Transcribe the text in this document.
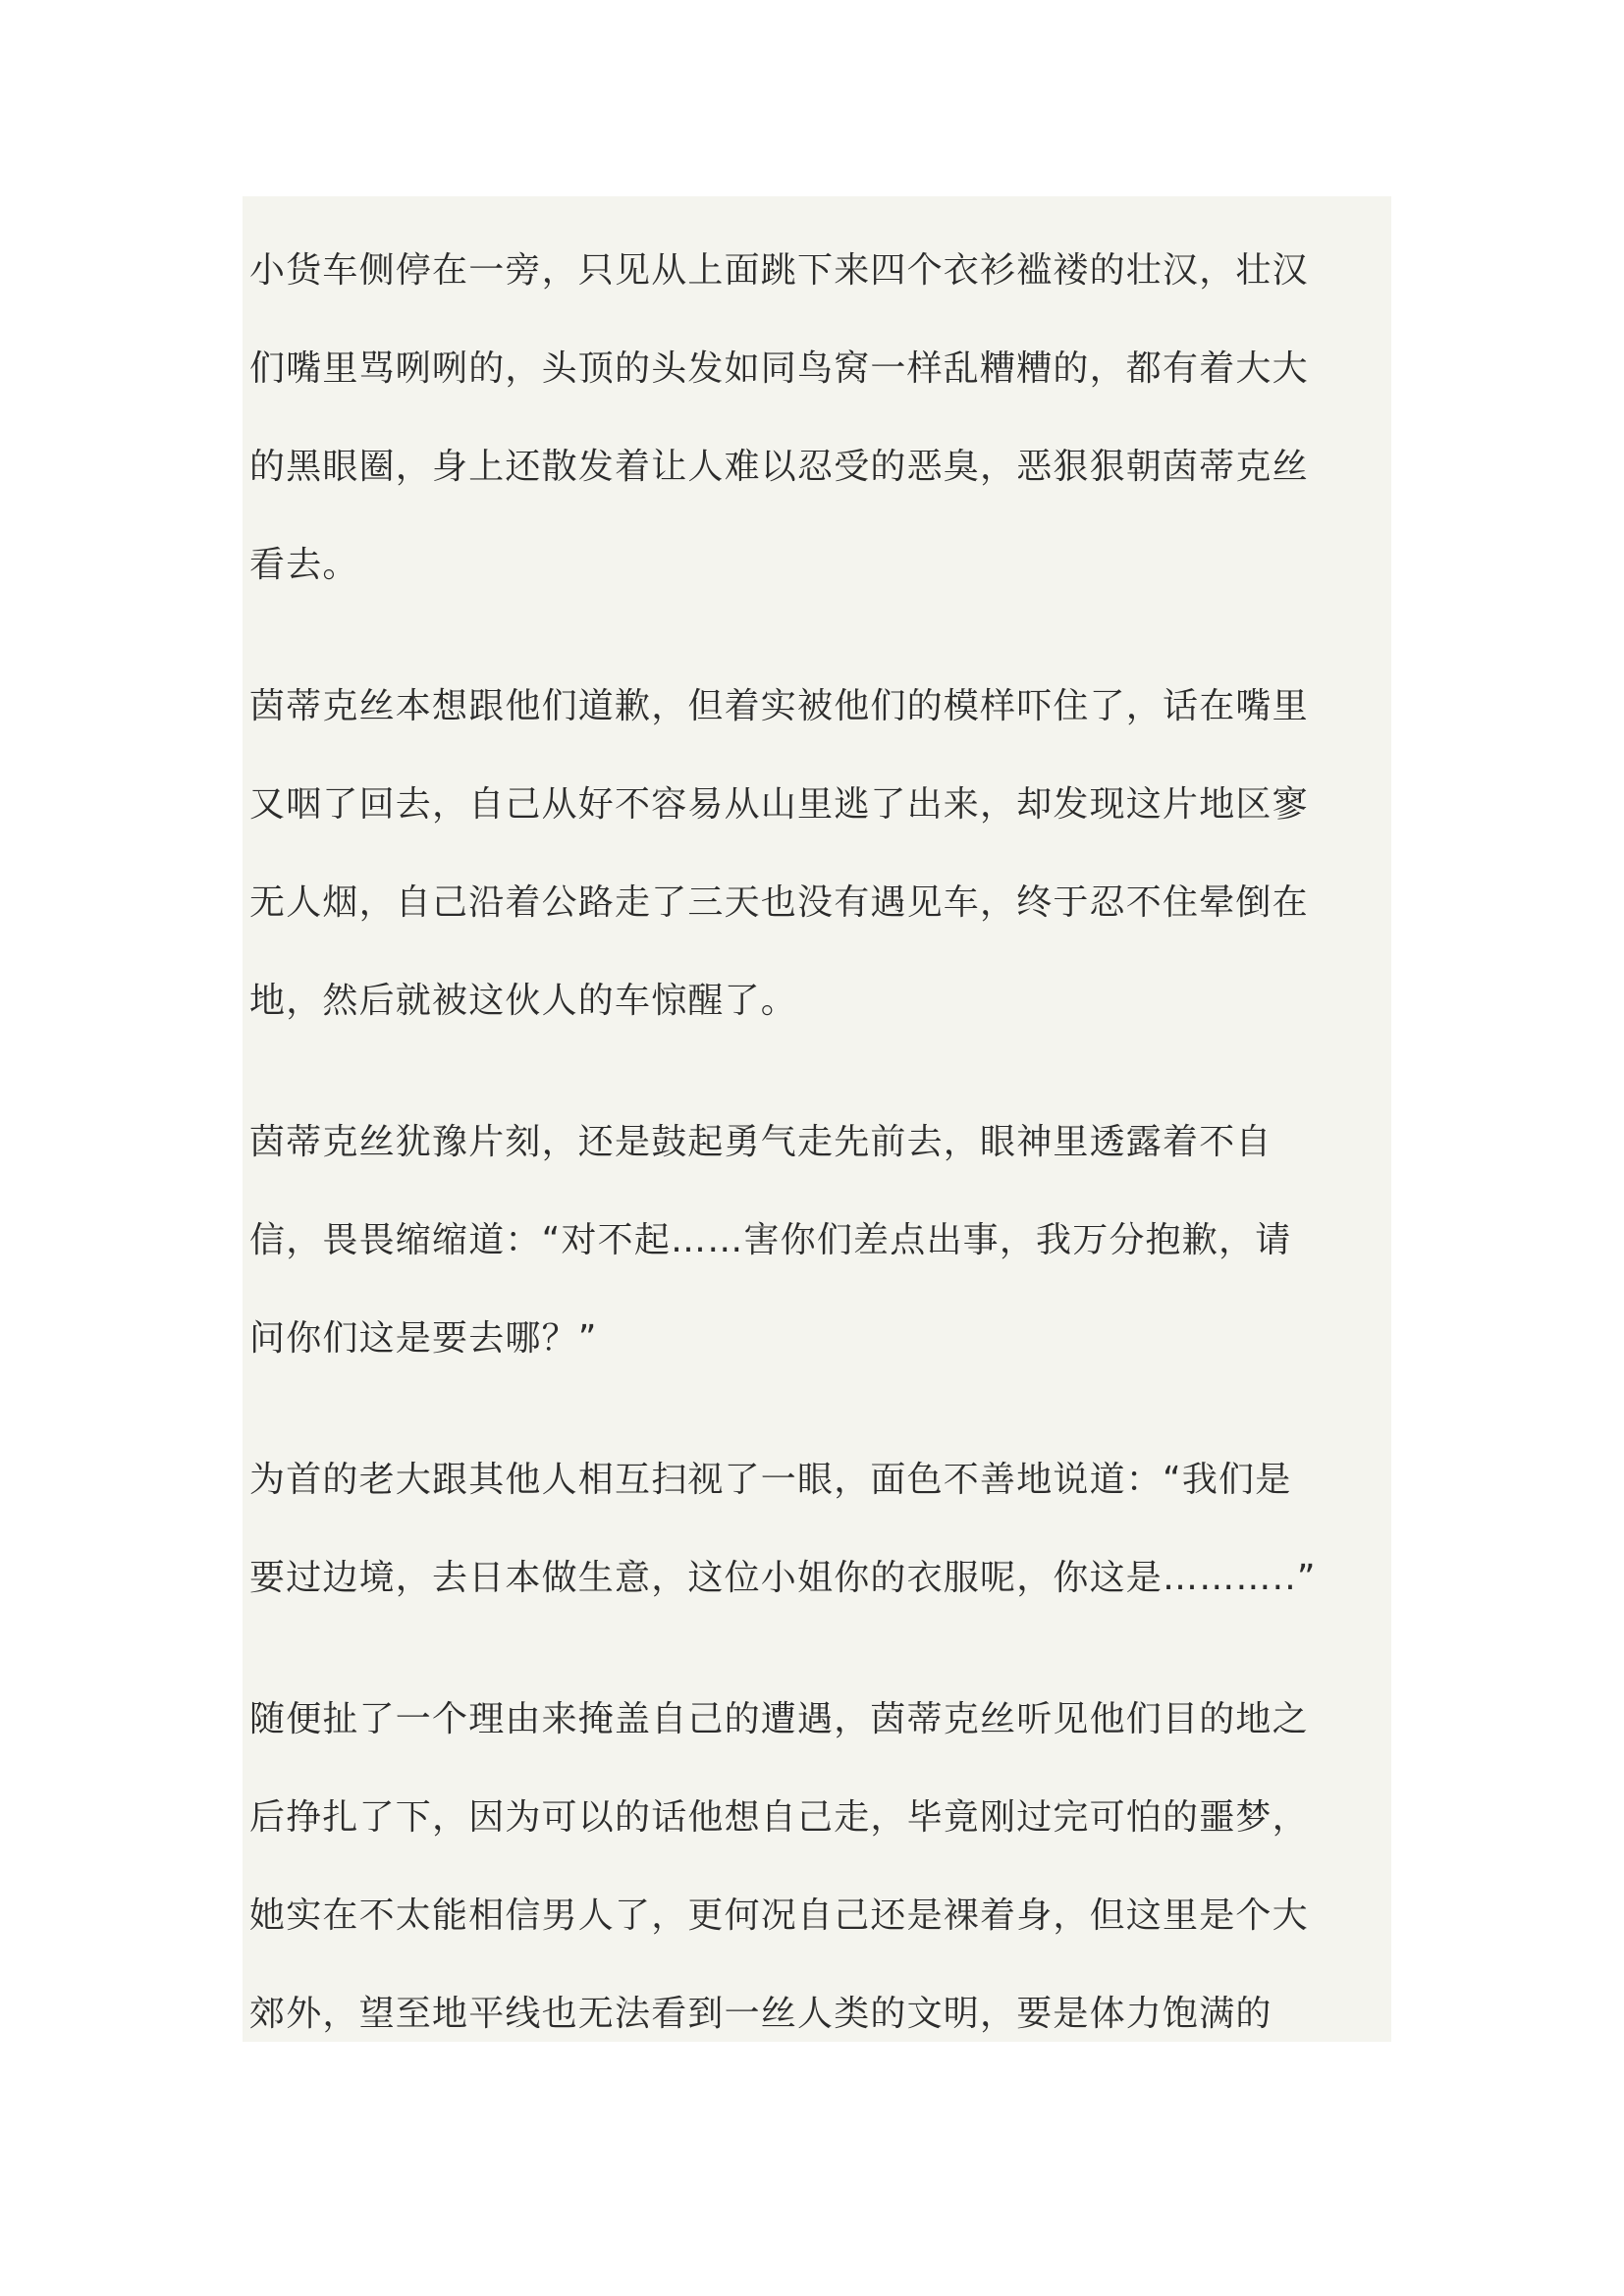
小货车侧停在一旁，只见从上面跳下来四个衣衫褴褛的壮汉，壮汉
们嘴里骂咧咧的，头顶的头发如同鸟窝一样乱糟糟的，都有着大大
的黑眼圈，身上还散发着让人难以忍受的恶臭，恶狠狠朝茵蒂克丝
看去。
茵蒂克丝本想跟他们道歉，但着实被他们的模样吓住了，话在嘴里
又咽了回去，自己从好不容易从山里逃了出来，却发现这片地区寥
无人烟，自己沿着公路走了三天也没有遇见车，终于忍不住晕倒在
地，然后就被这伙人的车惊醒了。
茵蒂克丝犹豫片刻，还是鼓起勇气走先前去，眼神里透露着不自
信，畏畏缩缩道：“对不起……害你们差点出事，我万分抱歉，请
问你们这是要去哪？”
为首的老大跟其他人相互扫视了一眼，面色不善地说道：“我们是
要过边境，去日本做生意，这位小姐你的衣服呢，你这是………..”
随便扯了一个理由来掩盖自己的遭遇，茵蒂克丝听见他们目的地之
后挣扎了下，因为可以的话他想自己走，毕竟刚过完可怕的噩梦，
她实在不太能相信男人了，更何况自己还是裸着身，但这里是个大
郊外，望至地平线也无法看到一丝人类的文明，要是体力饱满的
